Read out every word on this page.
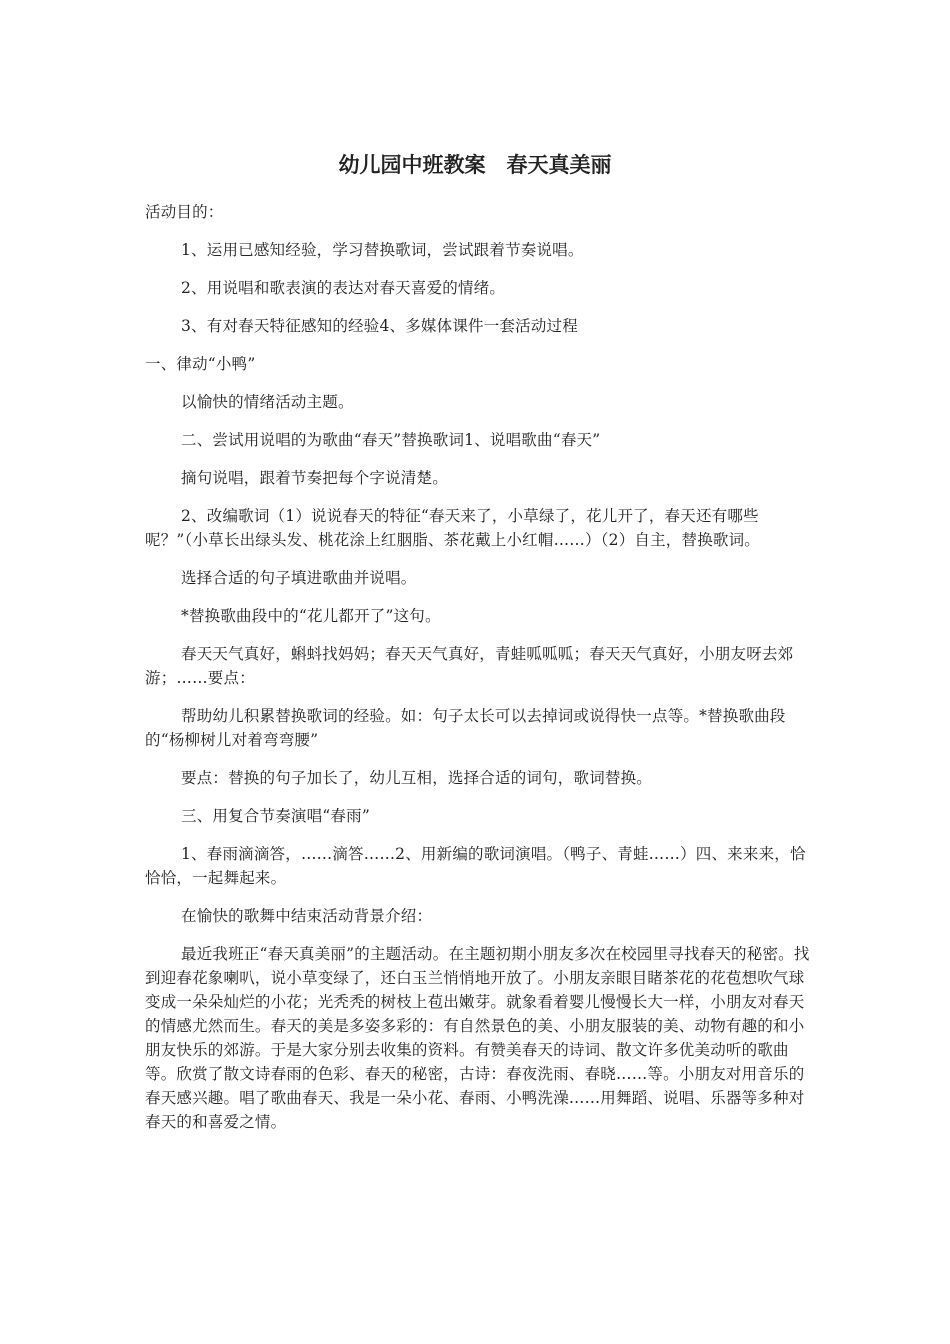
幼儿园中班教案　春天真美丽

活动目的：

1、运用已感知经验，学习替换歌词，尝试跟着节奏说唱。

2、用说唱和歌表演的表达对春天喜爱的情绪。

3、有对春天特征感知的经验4、多媒体课件一套活动过程

一、律动“小鸭”

以愉快的情绪活动主题。

二、尝试用说唱的为歌曲“春天”替换歌词1、说唱歌曲“春天”

摘句说唱，跟着节奏把每个字说清楚。

2、改编歌词（1）说说春天的特征“春天来了，小草绿了，花儿开了，春天还有哪些呢？”（小草长出绿头发、桃花涂上红胭脂、茶花戴上小红帽……）（2）自主，替换歌词。

选择合适的句子填进歌曲并说唱。

*替换歌曲段中的“花儿都开了”这句。

春天天气真好，蝌蚪找妈妈；春天天气真好，青蛙呱呱呱；春天天气真好，小朋友呀去郊游；……要点：

帮助幼儿积累替换歌词的经验。如：句子太长可以去掉词或说得快一点等。*替换歌曲段的“杨柳树儿对着弯弯腰”

要点：替换的句子加长了，幼儿互相，选择合适的词句，歌词替换。

三、用复合节奏演唱“春雨”

1、春雨滴滴答，……滴答……2、用新编的歌词演唱。（鸭子、青蛙……）四、来来来，恰恰恰，一起舞起来。

在愉快的歌舞中结束活动背景介绍：

最近我班正“春天真美丽”的主题活动。在主题初期小朋友多次在校园里寻找春天的秘密。找到迎春花象喇叭，说小草变绿了，还白玉兰悄悄地开放了。小朋友亲眼目睹茶花的花苞想吹气球变成一朵朵灿烂的小花；光秃秃的树枝上苞出嫩芽。就象看着婴儿慢慢长大一样，小朋友对春天的情感尤然而生。春天的美是多姿多彩的：有自然景色的美、小朋友服装的美、动物有趣的和小朋友快乐的郊游。于是大家分别去收集的资料。有赞美春天的诗词、散文许多优美动听的歌曲等。欣赏了散文诗春雨的色彩、春天的秘密，古诗：春夜洗雨、春晓……等。小朋友对用音乐的春天感兴趣。唱了歌曲春天、我是一朵小花、春雨、小鸭洗澡……用舞蹈、说唱、乐器等多种对春天的和喜爱之情。
